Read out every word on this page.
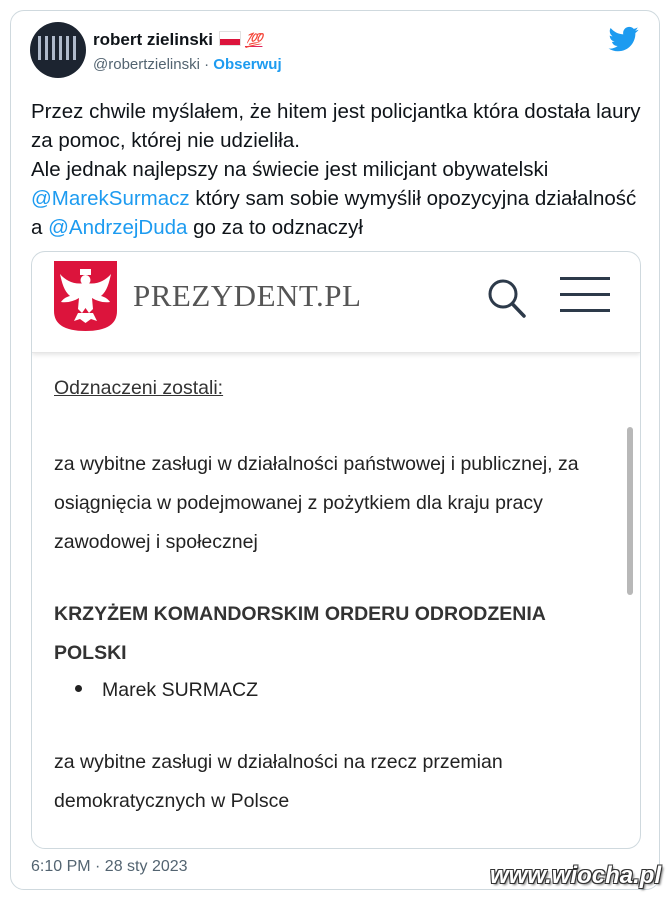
robert zielinski 💯
@robertzielinski · Obserwuj
Przez chwile myślałem, że hitem jest policjantka która dostała laury za pomoc, której nie udzieliła.
Ale jednak najlepszy na świecie jest milicjant obywatelski
@MarekSurmacz który sam sobie wymyślił opozycyjna działalność a @AndrzejDuda go za to odznaczył
PREZYDENT.PL
Odznaczeni zostali:
za wybitne zasługi w działalności państwowej i publicznej, za osiągnięcia w podejmowanej z pożytkiem dla kraju pracy zawodowej i społecznej
KRZYŻEM KOMANDORSKIM ORDERU ODRODZENIA POLSKI
Marek SURMACZ
za wybitne zasługi w działalności na rzecz przemian demokratycznych w Polsce
6:10 PM · 28 sty 2023	www.wiocha.pl
